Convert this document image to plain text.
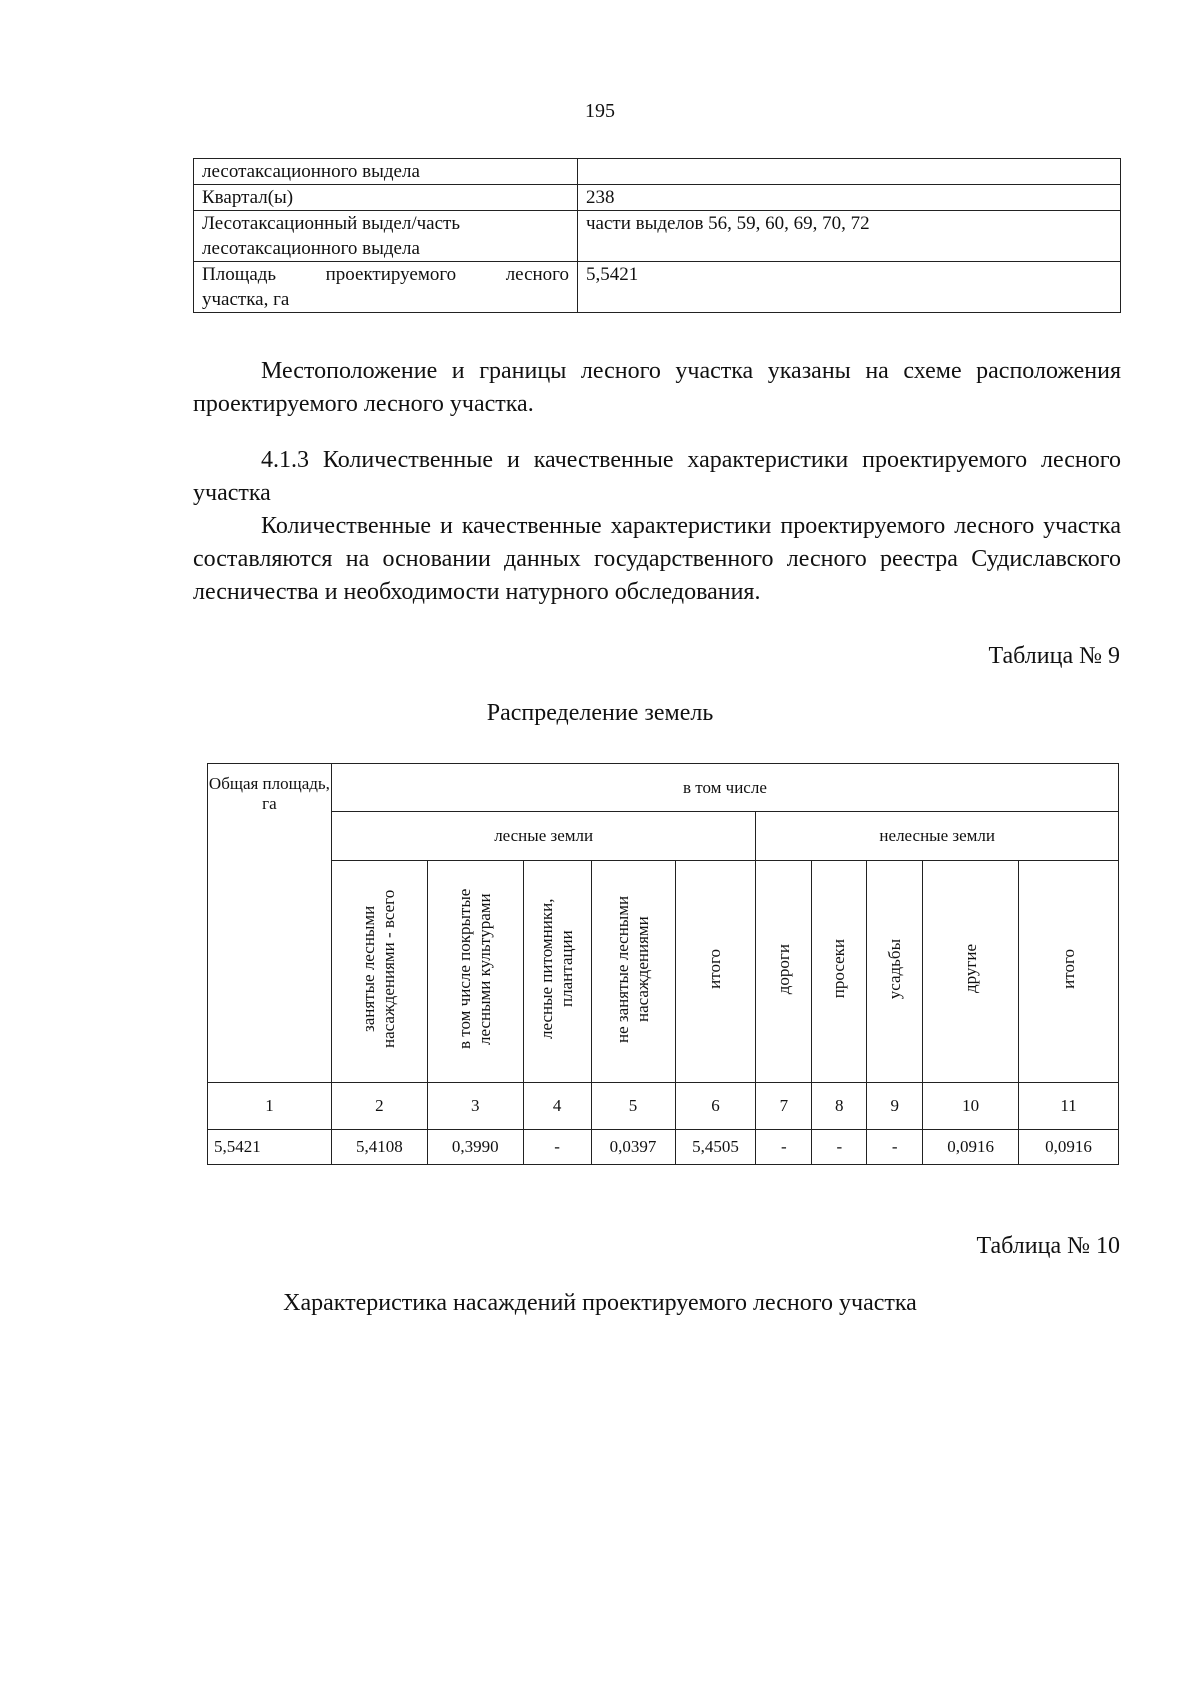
195
лесотаксационного выдела	
Квартал(ы)	238

Лесотаксационный выдел/часть
лесотаксационного выдела	части выделов 56, 59, 60, 69, 70, 72

Площадь проектируемого лесного
участка, га	5,5421

Местоположение и границы лесного участка указаны на схеме расположения проектируемого лесного участка.

4.1.3 Количественные и качественные характеристики проектируемого лесного участка

Количественные и качественные характеристики проектируемого лесного участка составляются на основании данных государственного лесного реестра Судиславского лесничества и необходимости натурного обследования.

Таблица № 9
Распределение земель
Общая площадь, га	в том числе									
	лесные земли					нелесные земли				
	занятые лесными насаждениями - всего	в том числе покрытые лесными культурами	лесные питомники, плантации	не занятые лесными насаждениями	итого	дороги	просеки	усадьбы	другие	итого
1	2	3	4	5	6	7	8	9	10	11
5,5421	5,4108	0,3990	-	0,0397	5,4505	-	-	-	0,0916	0,0916
Таблица № 10
Характеристика насаждений проектируемого лесного участка
